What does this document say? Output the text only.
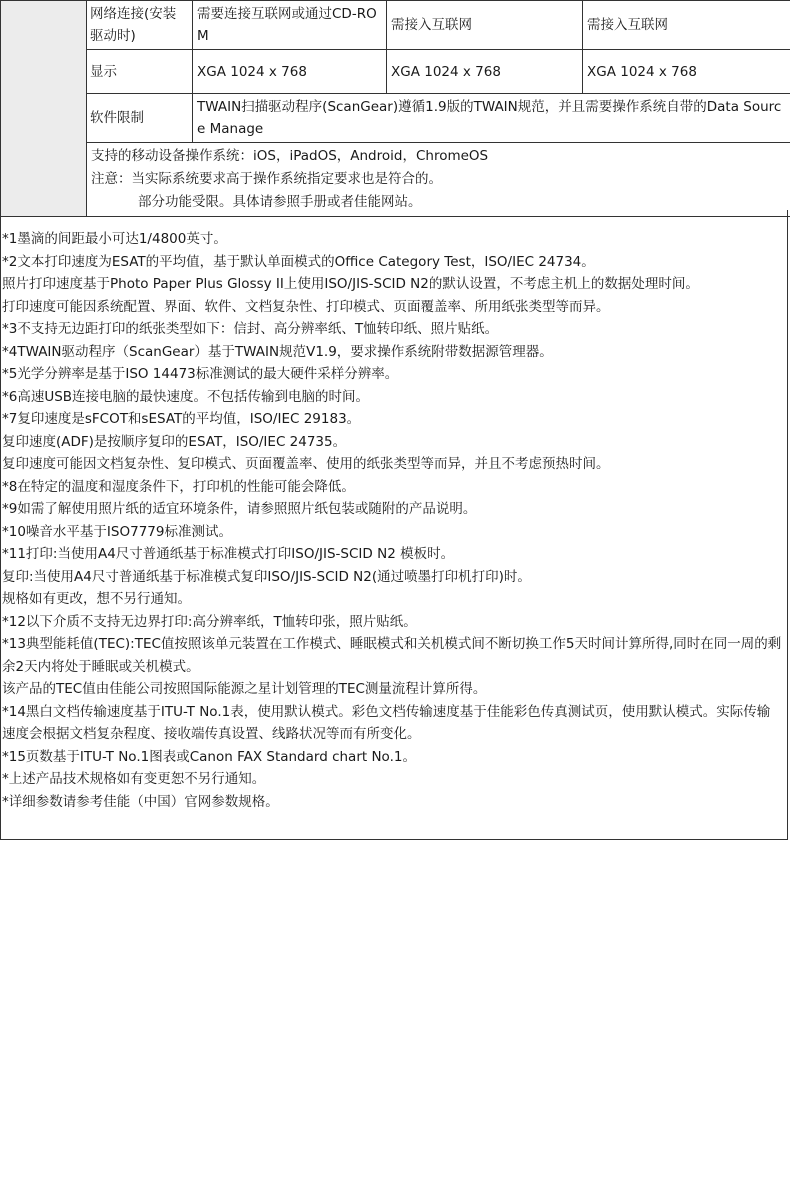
	网络连接(安装驱动时)	需要连接互联网或通过CD-ROM	需接入互联网	需接入互联网
	显示	XGA 1024 x 768	XGA 1024 x 768	XGA 1024 x 768
	软件限制	TWAIN扫描驱动程序(ScanGear)遵循1.9版的TWAIN规范，并且需要操作系统自带的Data Source Manage		

	支持的移动设备操作系统：iOS，iPadOS，Android，ChromeOS
注意：当实际系统要求高于操作系统指定要求也是符合的。
部分功能受限。具体请参照手册或者佳能网站。			

*1墨滴的间距最小可达1/4800英寸。

*2文本打印速度为ESAT的平均值，基于默认单面模式的Office Category Test，ISO/IEC 24734。

照片打印速度基于Photo Paper Plus Glossy II上使用ISO/JIS-SCID N2的默认设置，不考虑主机上的数据处理时间。

打印速度可能因系统配置、界面、软件、文档复杂性、打印模式、页面覆盖率、所用纸张类型等而异。

*3不支持无边距打印的纸张类型如下：信封、高分辨率纸、T恤转印纸、照片贴纸。

*4TWAIN驱动程序（ScanGear）基于TWAIN规范V1.9，要求操作系统附带数据源管理器。

*5光学分辨率是基于ISO 14473标准测试的最大硬件采样分辨率。

*6高速USB连接电脑的最快速度。不包括传输到电脑的时间。

*7复印速度是sFCOT和sESAT的平均值，ISO/IEC 29183。

复印速度(ADF)是按顺序复印的ESAT，ISO/IEC 24735。

复印速度可能因文档复杂性、复印模式、页面覆盖率、使用的纸张类型等而异，并且不考虑预热时间。

*8在特定的温度和湿度条件下，打印机的性能可能会降低。

*9如需了解使用照片纸的适宜环境条件，请参照照片纸包装或随附的产品说明。

*10噪音水平基于ISO7779标准测试。

*11打印:当使用A4尺寸普通纸基于标准模式打印ISO/JIS-SCID N2 模板时。

复印:当使用A4尺寸普通纸基于标准模式复印ISO/JIS-SCID N2(通过喷墨打印机打印)时。

规格如有更改，想不另行通知。

*12以下介质不支持无边界打印:高分辨率纸，T恤转印张，照片贴纸。

*13典型能耗值(TEC):TEC值按照该单元装置在工作模式、睡眠模式和关机模式间不断切换工作5天时间计算所得,同时在同一周的剩余2天内将处于睡眠或关机模式。

该产品的TEC值由佳能公司按照国际能源之星计划管理的TEC测量流程计算所得。

*14黑白文档传输速度基于ITU-T No.1表，使用默认模式。彩色文档传输速度基于佳能彩色传真测试页，使用默认模式。实际传输速度会根据文档复杂程度、接收端传真设置、线路状况等而有所变化。

*15页数基于ITU-T No.1图表或Canon FAX Standard chart No.1。

*上述产品技术规格如有变更恕不另行通知。

*详细参数请参考佳能（中国）官网参数规格。
